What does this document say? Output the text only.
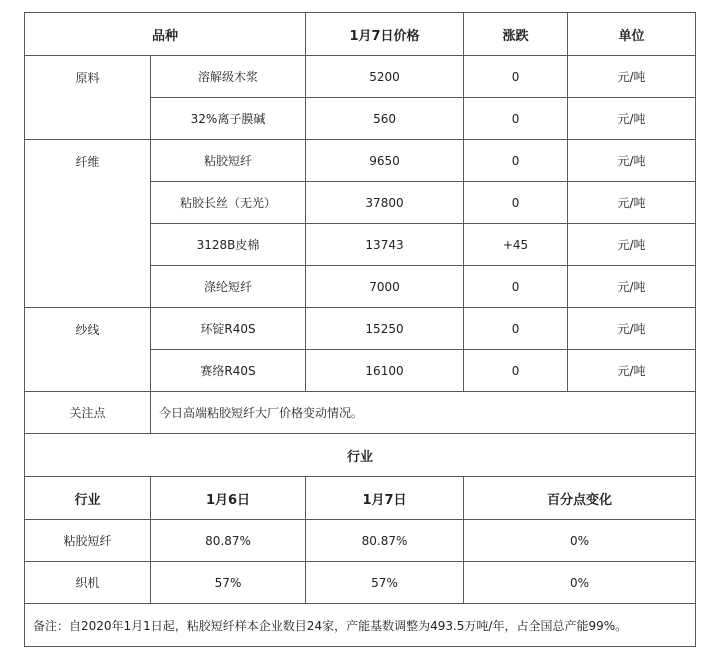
品种		1月7日价格	涨跌	单位
原料	溶解级木浆	5200	0	元/吨
	32%离子膜碱	560	0	元/吨
纤维	粘胶短纤	9650	0	元/吨
	粘胶长丝（无光）	37800	0	元/吨
	3128B皮棉	13743	+45	元/吨
	涤纶短纤	7000	0	元/吨
纱线	环锭R40S	15250	0	元/吨
	赛络R40S	16100	0	元/吨
关注点	今日高端粘胶短纤大厂价格变动情况。			
行业				
行业	1月6日	1月7日	百分点变化	
粘胶短纤	80.87%	80.87%	0%	
织机	57%	57%	0%	
备注：自2020年1月1日起，粘胶短纤样本企业数目24家，产能基数调整为493.5万吨/年，占全国总产能99%。				
